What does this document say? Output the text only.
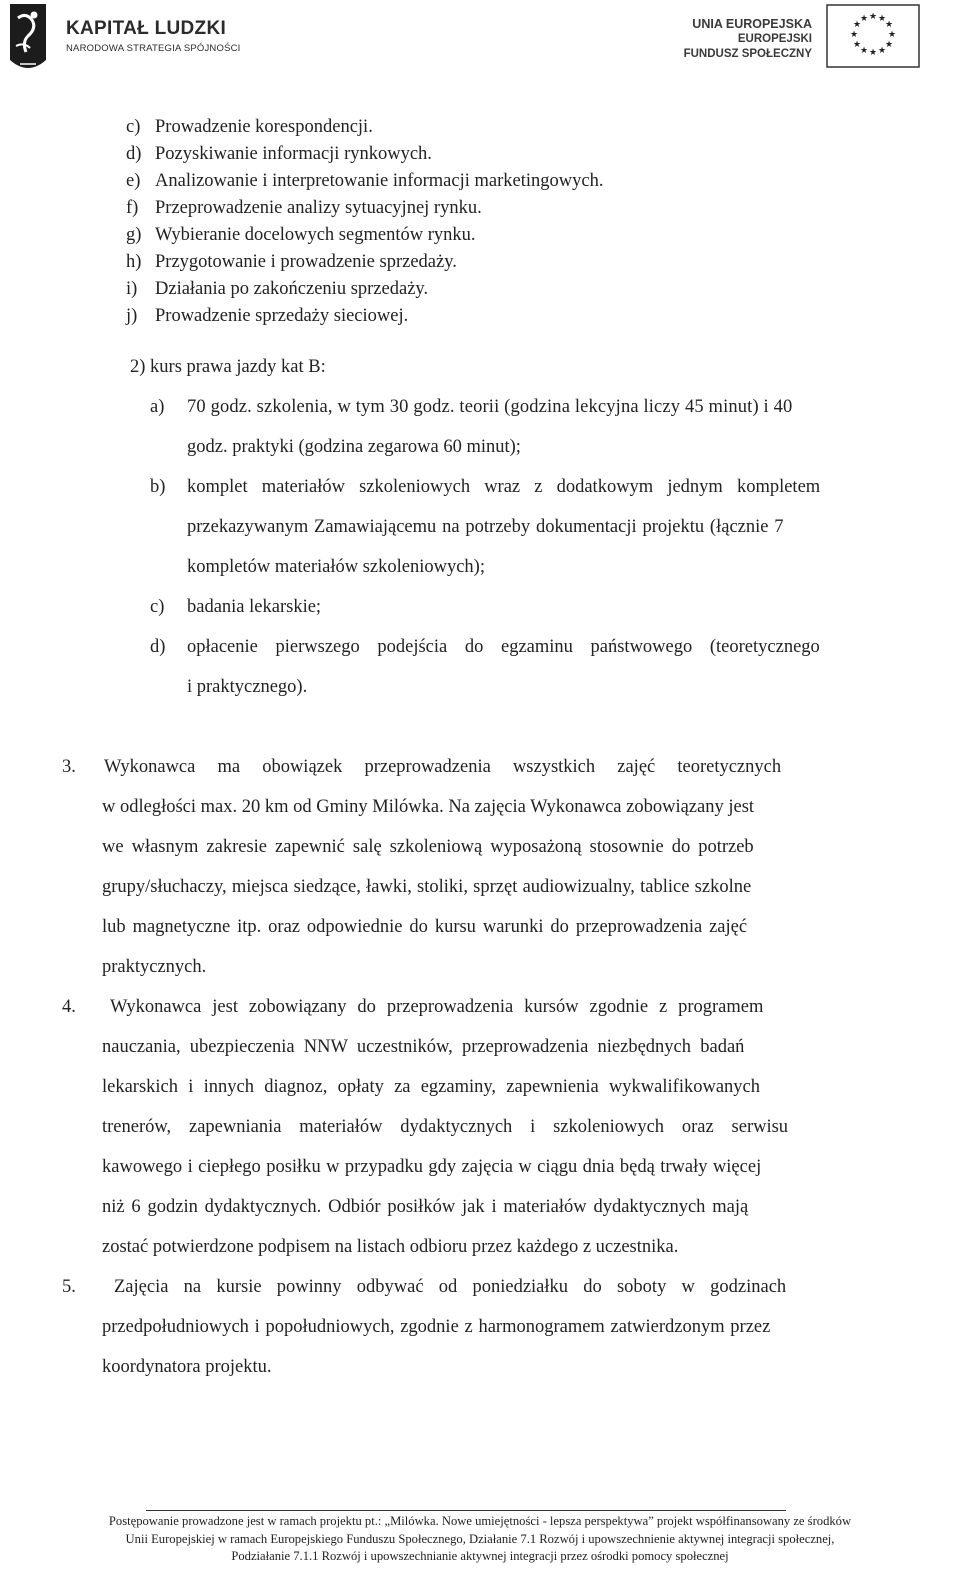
KAPITAŁ LUDZKI
NARODOWA STRATEGIA SPÓJNOŚCI
UNIA EUROPEJSKA
EUROPEJSKI
FUNDUSZ SPOŁECZNY
★ ★
★
★
★
★
★
★
★
★
★
★
c) Prowadzenie korespondencji.
d) Pozyskiwanie informacji rynkowych.
e) Analizowanie i interpretowanie informacji marketingowych.
f) Przeprowadzenie analizy sytuacyjnej rynku.
g) Wybieranie docelowych segmentów rynku.
h) Przygotowanie i prowadzenie sprzedaży.
i) Działania po zakończeniu sprzedaży.
j) Prowadzenie sprzedaży sieciowej.
2) kurs prawa jazdy kat B:
a) 70 godz. szkolenia, w tym 30 godz. teorii (godzina lekcyjna liczy 45 minut) i 40
godz. praktyki (godzina zegarowa 60 minut);
b) komplet materiałów szkoleniowych wraz z dodatkowym jednym kompletem
przekazywanym Zamawiającemu na potrzeby dokumentacji projektu (łącznie 7
kompletów materiałów szkoleniowych);
c) badania lekarskie;
d) opłacenie pierwszego podejścia do egzaminu państwowego (teoretycznego
i praktycznego).
3. Wykonawca ma obowiązek przeprowadzenia wszystkich zajęć teoretycznych
w odległości max. 20 km od Gminy Milówka. Na zajęcia Wykonawca zobowiązany jest
we własnym zakresie zapewnić salę szkoleniową wyposażoną stosownie do potrzeb
grupy/słuchaczy, miejsca siedzące, ławki, stoliki, sprzęt audiowizualny, tablice szkolne
lub magnetyczne itp. oraz odpowiednie do kursu warunki do przeprowadzenia zajęć
praktycznych.
4. Wykonawca jest zobowiązany do przeprowadzenia kursów zgodnie z programem
nauczania, ubezpieczenia NNW uczestników, przeprowadzenia niezbędnych badań
lekarskich i innych diagnoz, opłaty za egzaminy, zapewnienia wykwalifikowanych
trenerów, zapewniania materiałów dydaktycznych i szkoleniowych oraz serwisu
kawowego i ciepłego posiłku w przypadku gdy zajęcia w ciągu dnia będą trwały więcej
niż 6 godzin dydaktycznych. Odbiór posiłków jak i materiałów dydaktycznych mają
zostać potwierdzone podpisem na listach odbioru przez każdego z uczestnika.
5. Zajęcia na kursie powinny odbywać od poniedziałku do soboty w godzinach
przedpołudniowych i popołudniowych, zgodnie z harmonogramem zatwierdzonym przez
koordynatora projektu.
Postępowanie prowadzone jest w ramach projektu pt.: „Milówka. Nowe umiejętności - lepsza perspektywa” projekt współfinansowany ze środków
Unii Europejskiej w ramach Europejskiego Funduszu Społecznego, Działanie 7.1 Rozwój i upowszechnienie aktywnej integracji społecznej,
Podziałanie 7.1.1 Rozwój i upowszechnianie aktywnej integracji przez ośrodki pomocy społecznej
